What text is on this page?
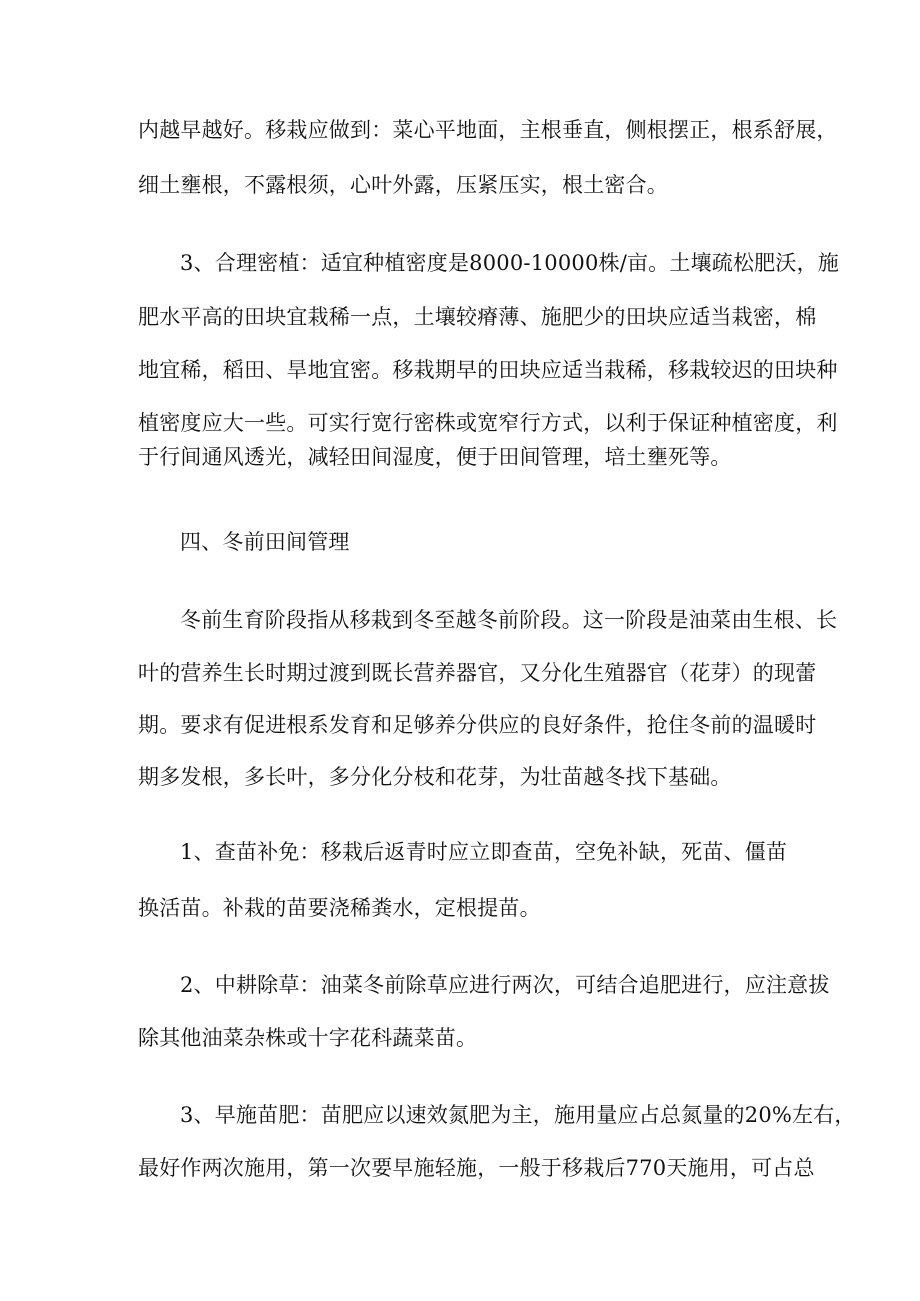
内越早越好。移栽应做到：菜心平地面，主根垂直，侧根摆正，根系舒展，
细土壅根，不露根须，心叶外露，压紧压实，根土密合。
3、合理密植：适宜种植密度是8000-10000株/亩。土壤疏松肥沃，施
肥水平高的田块宜栽稀一点，土壤较瘠薄、施肥少的田块应适当栽密，棉
地宜稀，稻田、旱地宜密。移栽期早的田块应适当栽稀，移栽较迟的田块种
植密度应大一些。可实行宽行密株或宽窄行方式，以利于保证种植密度，利
于行间通风透光，减轻田间湿度，便于田间管理，培土壅死等。
四、冬前田间管理
冬前生育阶段指从移栽到冬至越冬前阶段。这一阶段是油菜由生根、长
叶的营养生长时期过渡到既长营养器官，又分化生殖器官（花芽）的现蕾
期。要求有促进根系发育和足够养分供应的良好条件，抢住冬前的温暖时
期多发根，多长叶，多分化分枝和花芽，为壮苗越冬找下基础。
1、查苗补免：移栽后返青时应立即查苗，空免补缺，死苗、僵苗
换活苗。补栽的苗要浇稀粪水，定根提苗。
2、中耕除草：油菜冬前除草应进行两次，可结合追肥进行，应注意拔
除其他油菜杂株或十字花科蔬菜苗。
3、早施苗肥：苗肥应以速效氮肥为主，施用量应占总氮量的20%左右，
最好作两次施用，第一次要早施轻施，一般于移栽后770天施用，可占总
